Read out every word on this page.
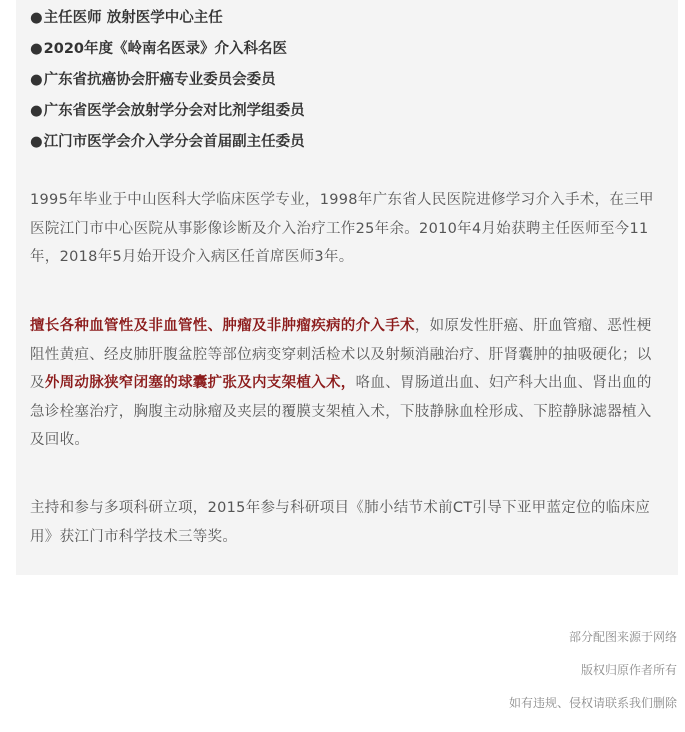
●主任医师 放射医学中心主任
●2020年度《岭南名医录》介入科名医
●广东省抗癌协会肝癌专业委员会委员
●广东省医学会放射学分会对比剂学组委员
●江门市医学会介入学分会首届副主任委员
1995年毕业于中山医科大学临床医学专业，1998年广东省人民医院进修学习介入手术，在三甲医院江门市中心医院从事影像诊断及介入治疗工作25年余。2010年4月始获聘主任医师至今11年，2018年5月始开设介入病区任首席医师3年。
擅长各种血管性及非血管性、肿瘤及非肿瘤疾病的介入手术，如原发性肝癌、肝血管瘤、恶性梗阻性黄疸、经皮肺肝腹盆腔等部位病变穿刺活检术以及射频消融治疗、肝肾囊肿的抽吸硬化；以及外周动脉狭窄闭塞的球囊扩张及内支架植入术，咯血、胃肠道出血、妇产科大出血、肾出血的急诊栓塞治疗，胸腹主动脉瘤及夹层的覆膜支架植入术，下肢静脉血栓形成、下腔静脉滤器植入及回收。
主持和参与多项科研立项，2015年参与科研项目《肺小结节术前CT引导下亚甲蓝定位的临床应用》获江门市科学技术三等奖。
部分配图来源于网络
版权归原作者所有
如有违规、侵权请联系我们删除
